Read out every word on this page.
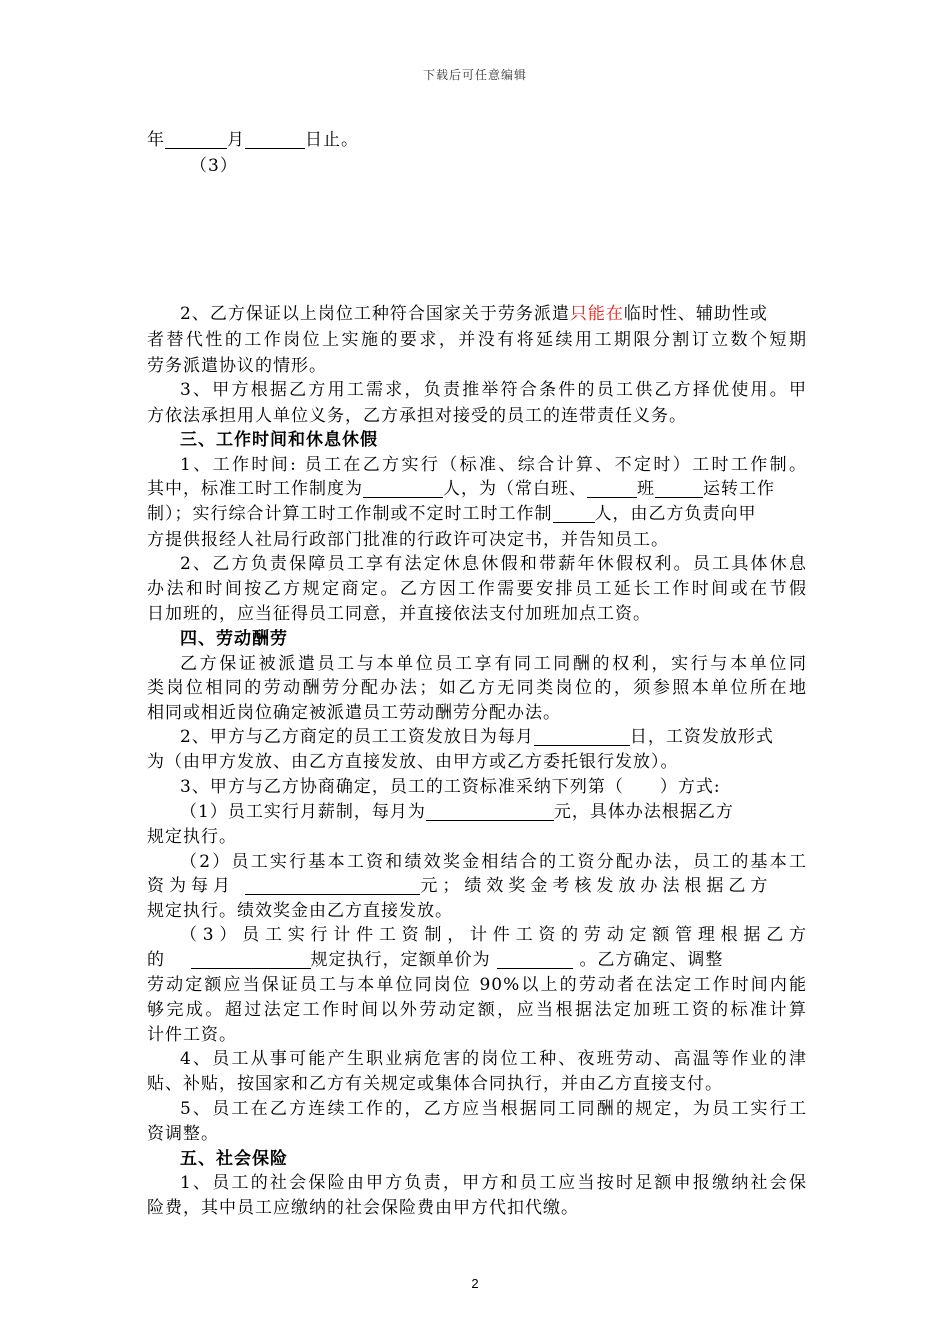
下载后可任意编辑
年	月	日止。
（3）
2、乙方保证以上岗位工种符合国家关于劳务派遣只能在临时性、辅助性或
者替代性的工作岗位上实施的要求，并没有将延续用工期限分割订立数个短期
劳务派遣协议的情形。
3、甲方根据乙方用工需求，负责推举符合条件的员工供乙方择优使用。甲
方依法承担用人单位义务，乙方承担对接受的员工的连带责任义务。
三、工作时间和休息休假
1、工作时间: 员工在乙方实行（标准、综合计算、不定时）工时工作制。
其中，标准工时工作制度为	人，为（常白班、	班	运转工作
制）；实行综合计算工时工作制或不定时工时工作制 人，由乙方负责向甲
方提供报经人社局行政部门批准的行政许可决定书，并告知员工。
2、乙方负责保障员工享有法定休息休假和带薪年休假权利。员工具体休息
办法和时间按乙方规定商定。乙方因工作需要安排员工延长工作时间或在节假
日加班的，应当征得员工同意，并直接依法支付加班加点工资。
四、劳动酬劳
乙方保证被派遣员工与本单位员工享有同工同酬的权利，实行与本单位同
类岗位相同的劳动酬劳分配办法；如乙方无同类岗位的，须参照本单位所在地
相同或相近岗位确定被派遣员工劳动酬劳分配办法。
2、甲方与乙方商定的员工工资发放日为每月	日，工资发放形式
为（由甲方发放、由乙方直接发放、由甲方或乙方委托银行发放）。
3、甲方与乙方协商确定，员工的工资标准采纳下列第（　　）方式:
（1）员工实行月薪制，每月为	元，具体办法根据乙方
规定执行。
（2）员工实行基本工资和绩效奖金相结合的工资分配办法，员工的基本工
资为每月	元；绩效奖金考核发放办法根据乙方
规定执行。绩效奖金由乙方直接发放。
（3）员工实行计件工资制，计件工资的劳动定额管理根据乙方
的	规定执行，定额单价为	。乙方确定、调整
劳动定额应当保证员工与本单位同岗位 90%以上的劳动者在法定工作时间内能
够完成。超过法定工作时间以外劳动定额，应当根据法定加班工资的标准计算
计件工资。
4、员工从事可能产生职业病危害的岗位工种、夜班劳动、高温等作业的津
贴、补贴，按国家和乙方有关规定或集体合同执行，并由乙方直接支付。
5、员工在乙方连续工作的，乙方应当根据同工同酬的规定，为员工实行工
资调整。
五、社会保险
1、员工的社会保险由甲方负责，甲方和员工应当按时足额申报缴纳社会保
险费，其中员工应缴纳的社会保险费由甲方代扣代缴。
2
